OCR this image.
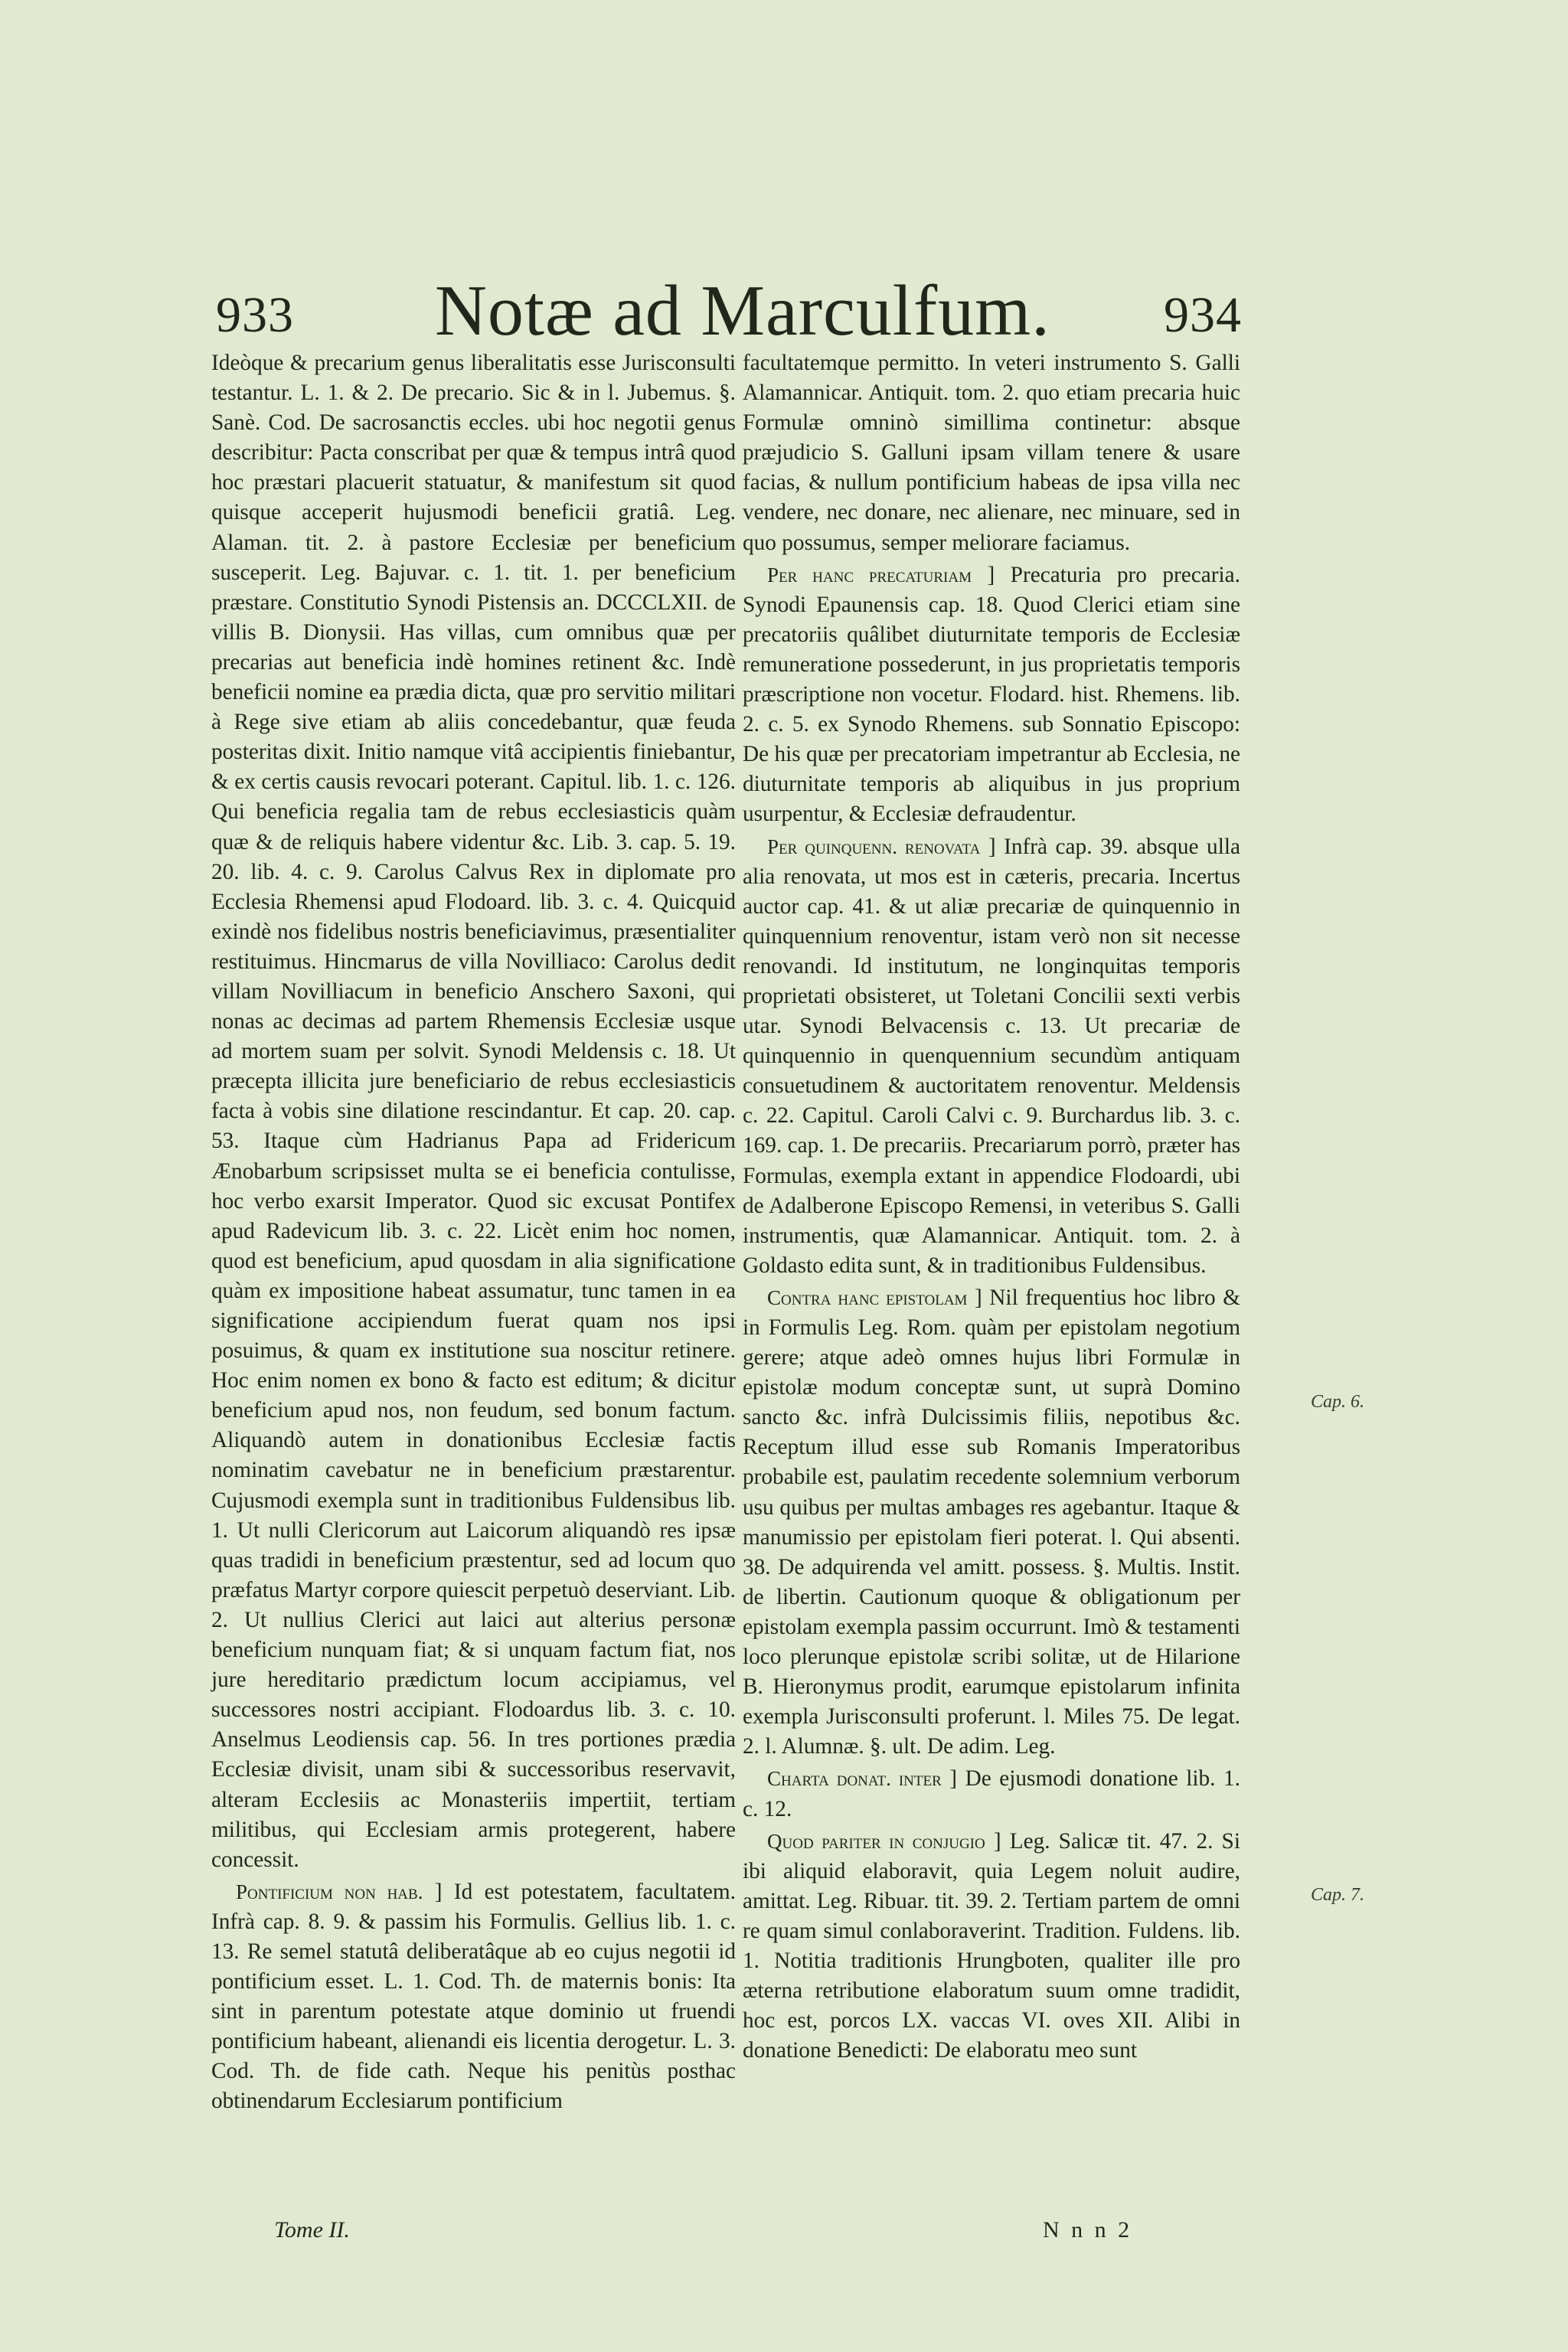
933 Notæ ad Marculfum. 934

Ideòque & precarium genus liberalitatis esse Jurisconsulti testantur. L. 1. & 2. De precario. Sic & in l. Jubemus. §. Sanè. Cod. De sacrosanctis eccles. ubi hoc negotii genus describitur: Pacta conscribat per quæ & tempus intrâ quod hoc præstari placuerit statuatur, & manifestum sit quod quisque acceperit hujusmodi beneficii gratiâ. Leg. Alaman. tit. 2. à pastore Ecclesiæ per beneficium susceperit. Leg. Bajuvar. c. 1. tit. 1. per beneficium præstare. Constitutio Synodi Pistensis an. DCCCLXII. de villis B. Dionysii. Has villas, cum omnibus quæ per precarias aut beneficia indè homines retinent &c. Indè beneficii nomine ea prædia dicta, quæ pro servitio militari à Rege sive etiam ab aliis concedebantur, quæ feuda posteritas dixit. Initio namque vitâ accipientis finiebantur, & ex certis causis revocari poterant. Capitul. lib. 1. c. 126. Qui beneficia regalia tam de rebus ecclesiasticis quàm quæ & de reliquis habere videntur &c. Lib. 3. cap. 5. 19. 20. lib. 4. c. 9. Carolus Calvus Rex in diplomate pro Ecclesia Rhemensi apud Flodoard. lib. 3. c. 4. Quicquid exindè nos fidelibus nostris beneficiavimus, præsentialiter restituimus. Hincmarus de villa Novilliaco: Carolus dedit villam Novilliacum in beneficio Anschero Saxoni, qui nonas ac decimas ad partem Rhemensis Ecclesiæ usque ad mortem suam per solvit. Synodi Meldensis c. 18. Ut præcepta illicita jure beneficiario de rebus ecclesiasticis facta à vobis sine dilatione rescindantur. Et cap. 20. cap. 53. Itaque cùm Hadrianus Papa ad Fridericum Ænobarbum scripsisset multa se ei beneficia contulisse, hoc verbo exarsit Imperator. Quod sic excusat Pontifex apud Radevicum lib. 3. c. 22. Licèt enim hoc nomen, quod est beneficium, apud quosdam in alia significatione quàm ex impositione habeat assumatur, tunc tamen in ea significatione accipiendum fuerat quam nos ipsi posuimus, & quam ex institutione sua noscitur retinere. Hoc enim nomen ex bono & facto est editum; & dicitur beneficium apud nos, non feudum, sed bonum factum. Aliquandò autem in donationibus Ecclesiæ factis nominatim cavebatur ne in beneficium præstarentur. Cujusmodi exempla sunt in traditionibus Fuldensibus lib. 1. Ut nulli Clericorum aut Laicorum aliquandò res ipsæ quas tradidi in beneficium præstentur, sed ad locum quo præfatus Martyr corpore quiescit perpetuò deserviant. Lib. 2. Ut nullius Clerici aut laici aut alterius personæ beneficium nunquam fiat; & si unquam factum fiat, nos jure hereditario prædictum locum accipiamus, vel successores nostri accipiant. Flodoardus lib. 3. c. 10. Anselmus Leodiensis cap. 56. In tres portiones prædia Ecclesiæ divisit, unam sibi & successoribus reservavit, alteram Ecclesiis ac Monasteriis impertiit, tertiam militibus, qui Ecclesiam armis protegerent, habere concessit.

Pontificium non hab. ] Id est potestatem, facultatem. Infrà cap. 8. 9. & passim his Formulis. Gellius lib. 1. c. 13. Re semel statutâ deliberatâque ab eo cujus negotii id pontificium esset. L. 1. Cod. Th. de maternis bonis: Ita sint in parentum potestate atque dominio ut fruendi pontificium habeant, alienandi eis licentia derogetur. L. 3. Cod. Th. de fide cath. Neque his penitùs posthac obtinendarum Ecclesiarum pontificium

facultatemque permitto. In veteri instrumento S. Galli Alamannicar. Antiquit. tom. 2. quo etiam precaria huic Formulæ omninò simillima continetur: absque præjudicio S. Galluni ipsam villam tenere & usare facias, & nullum pontificium habeas de ipsa villa nec vendere, nec donare, nec alienare, nec minuare, sed in quo possumus, semper meliorare faciamus.

Per hanc precaturiam ] Precaturia pro precaria. Synodi Epaunensis cap. 18. Quod Clerici etiam sine precatoriis quâlibet diuturnitate temporis de Ecclesiæ remuneratione possederunt, in jus proprietatis temporis præscriptione non vocetur. Flodard. hist. Rhemens. lib. 2. c. 5. ex Synodo Rhemens. sub Sonnatio Episcopo: De his quæ per precatoriam impetrantur ab Ecclesia, ne diuturnitate temporis ab aliquibus in jus proprium usurpentur, & Ecclesiæ defraudentur.

Per quinquenn. renovata ] Infrà cap. 39. absque ulla alia renovata, ut mos est in cæteris, precaria. Incertus auctor cap. 41. & ut aliæ precariæ de quinquennio in quinquennium renoventur, istam verò non sit necesse renovandi. Id institutum, ne longinquitas temporis proprietati obsisteret, ut Toletani Concilii sexti verbis utar. Synodi Belvacensis c. 13. Ut precariæ de quinquennio in quenquennium secundùm antiquam consuetudinem & auctoritatem renoventur. Meldensis c. 22. Capitul. Caroli Calvi c. 9. Burchardus lib. 3. c. 169. cap. 1. De precariis. Precariarum porrò, præter has Formulas, exempla extant in appendice Flodoardi, ubi de Adalberone Episcopo Remensi, in veteribus S. Galli instrumentis, quæ Alamannicar. Antiquit. tom. 2. à Goldasto edita sunt, & in traditionibus Fuldensibus.

Contra hanc epistolam ] Nil frequentius hoc libro & in Formulis Leg. Rom. quàm per epistolam negotium gerere; atque adeò omnes hujus libri Formulæ in epistolæ modum conceptæ sunt, ut suprà Domino sancto &c. infrà Dulcissimis filiis, nepotibus &c. Receptum illud esse sub Romanis Imperatoribus probabile est, paulatim recedente solemnium verborum usu quibus per multas ambages res agebantur. Itaque & manumissio per epistolam fieri poterat. l. Qui absenti. 38. De adquirenda vel amitt. possess. §. Multis. Instit. de libertin. Cautionum quoque & obligationum per epistolam exempla passim occurrunt. Imò & testamenti loco plerunque epistolæ scribi solitæ, ut de Hilarione B. Hieronymus prodit, earumque epistolarum infinita exempla Jurisconsulti proferunt. l. Miles 75. De legat. 2. l. Alumnæ. §. ult. De adim. Leg.

Charta donat. inter ] De ejusmodi donatione lib. 1. c. 12.

Quod pariter in conjugio ] Leg. Salicæ tit. 47. 2. Si ibi aliquid elaboravit, quia Legem noluit audire, amittat. Leg. Ribuar. tit. 39. 2. Tertiam partem de omni re quam simul conlaboraverint. Tradition. Fuldens. lib. 1. Notitia traditionis Hrungboten, qualiter ille pro æterna retributione elaboratum suum omne tradidit, hoc est, porcos LX. vaccas VI. oves XII. Alibi in donatione Benedicti: De elaboratu meo sunt

Cap. 6.
Cap. 7.
Tome II.	N n n 2
